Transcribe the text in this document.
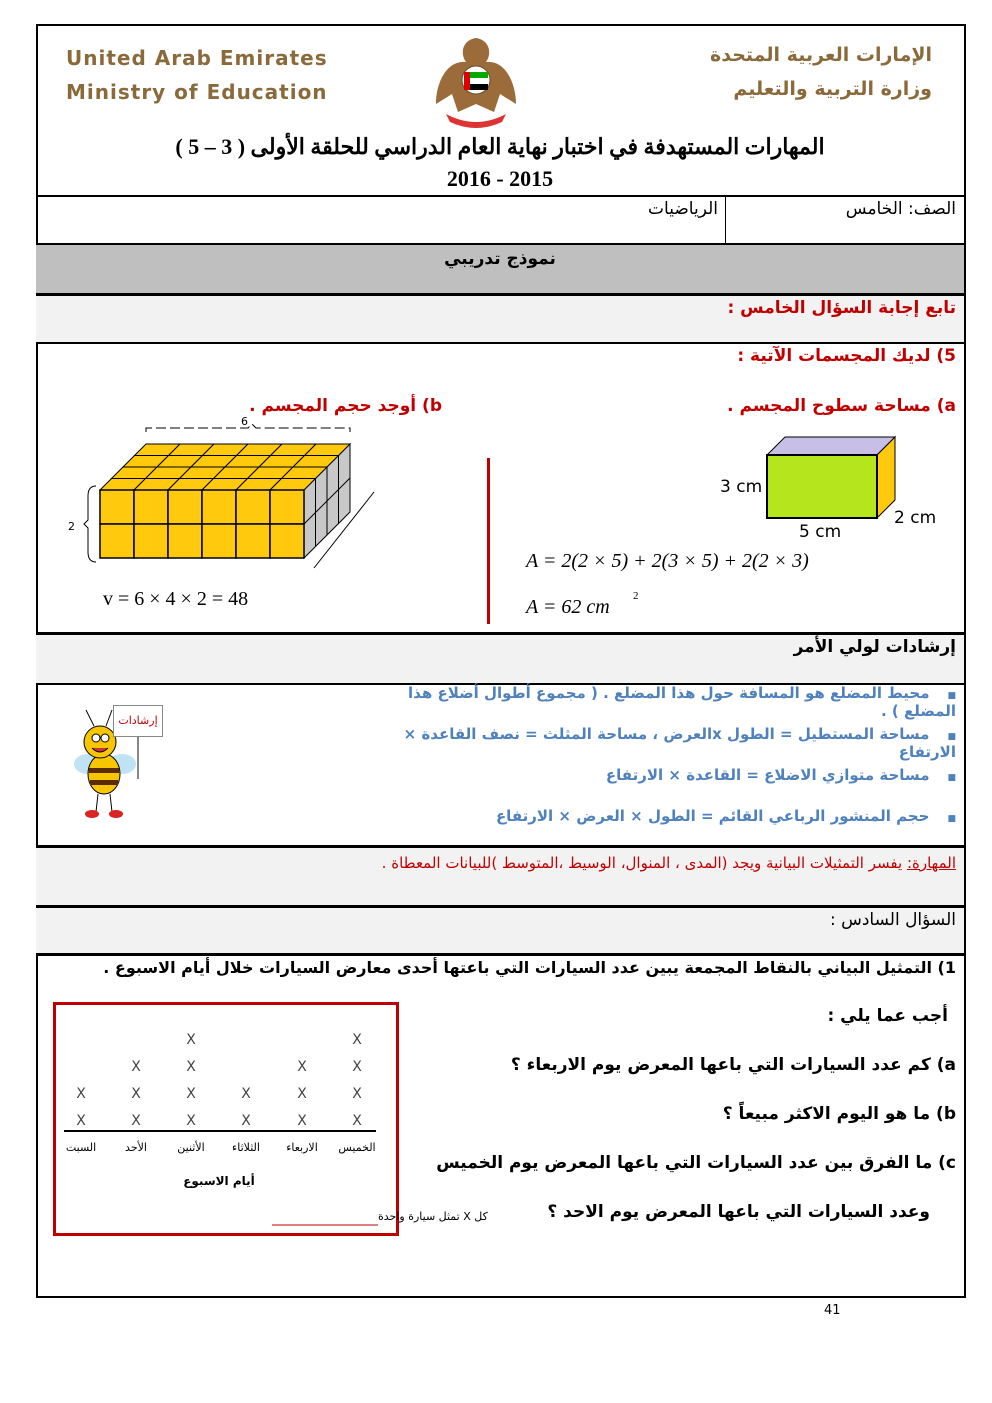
United Arab Emirates
Ministry of Education
الإمارات العربية المتحدة
وزارة التربية والتعليم
المهارات المستهدفة في اختبار نهاية العام الدراسي للحلقة الأولى ( 3 – 5 )
2016 - 2015
الصف: الخامس
الرياضيات
نموذج تدريبي
تابع إجابة السؤال الخامس :
5) لديك المجسمات الآتية :
a) مساحة سطوح المجسم .
b) أوجد حجم المجسم .
3 cm
5 cm
2 cm
A = 2(2 × 5) + 2(3 × 5) + 2(2 × 3)
A = 62 cm 2
6
2
v = 6 × 4 × 2 = 48
إرشادات لولي الأمر
■محيط المضلع هو المسافة حول هذا المضلع . ( مجموع أطوال أضلاع هذا المضلع ) .
■مساحة المستطيل = الطول xالعرض ، مساحة المثلث = نصف القاعدة × الارتفاع
■مساحة متوازي الاضلاع = القاعدة × الارتفاع
■حجم المنشور الرباعي القائم = الطول × العرض × الارتفاع
إرشادات
المهارة: يفسر التمثيلات البيانية ويجد (المدى ، المنوال، الوسيط ،المتوسط )للبيانات المعطاة .
السؤال السادس :
1) التمثيل البياني بالنقاط المجمعة يبين عدد السيارات التي باعتها أحدى معارض السيارات خلال أيام الاسبوع .
أجب عما يلي :
a) كم عدد السيارات التي باعها المعرض يوم الاربعاء ؟
b) ما هو اليوم الاكثر مبيعاً ؟
c) ما الفرق بين عدد السيارات التي باعها المعرض يوم الخميس
وعدد السيارات التي باعها المعرض يوم الاحد ؟
X
X
السبت
X
X
X
الأحد
X
X
X
X
الأثنين
X
X
الثلاثاء
X
X
X
الاربعاء
X
X
X
X
الخميس
أيام الاسبوع
كل X تمثل سيارة واحدة
41
